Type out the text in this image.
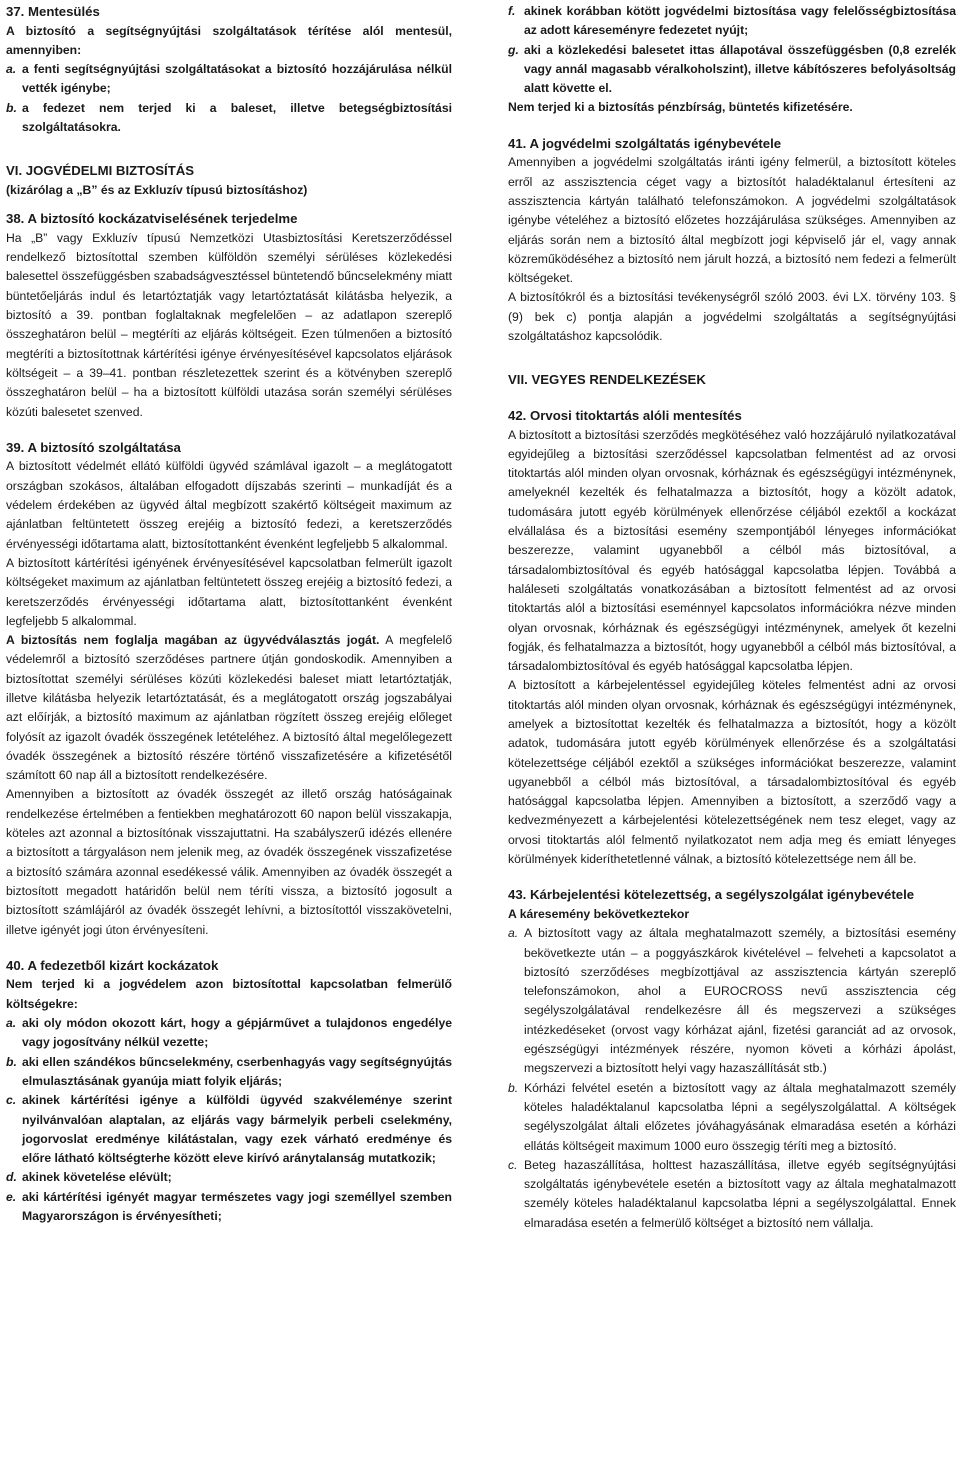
37. Mentesülés
A biztosító a segítségnyújtási szolgáltatások térítése alól mentesül, amennyiben:
a. a fenti segítségnyújtási szolgáltatásokat a biztosító hozzájárulása nélkül vették igénybe;
b. a fedezet nem terjed ki a baleset, illetve betegségbiztosítási szolgáltatásokra.
VI. JOGVÉDELMI BIZTOSÍTÁS
(kizárólag a „B” és az Exkluzív típusú biztosításhoz)
38. A biztosító kockázatviselésének terjedelme

Ha „B” vagy Exkluzív típusú Nemzetközi Utasbiztosítási Keretszerződéssel rendelkező biztosítottal szemben külföldön személyi sérüléses közlekedési balesettel összefüggésben szabadságvesztéssel büntetendő bűncselekmény miatt büntetőeljárás indul és letartóztatják vagy letartóztatását kilátásba helyezik, a biztosító a 39. pontban foglaltaknak megfelelően – az adatlapon szereplő összeghatáron belül – megtéríti az eljárás költségeit. Ezen túlmenően a biztosító megtéríti a biztosítottnak kártérítési igénye érvényesítésével kapcsolatos eljárások költségeit – a 39–41. pontban részletezettek szerint és a kötvényben szereplő összeghatáron belül – ha a biztosított külföldi utazása során személyi sérüléses közúti balesetet szenved.

39. A biztosító szolgáltatása

A biztosított védelmét ellátó külföldi ügyvéd számlával igazolt – a meglátogatott országban szokásos, általában elfogadott díjszabás szerinti – munkadíját és a védelem érdekében az ügyvéd által megbízott szakértő költségeit maximum az ajánlatban feltüntetett összeg erejéig a biztosító fedezi, a keretszerződés érvényességi időtartama alatt, biztosítottanként évenként legfeljebb 5 alkalommal.

A biztosított kártérítési igényének érvényesítésével kapcsolatban felmerült igazolt költségeket maximum az ajánlatban feltüntetett összeg erejéig a biztosító fedezi, a keretszerződés érvényességi időtartama alatt, biztosítottanként évenként legfeljebb 5 alkalommal.

A biztosítás nem foglalja magában az ügyvédválasztás jogát. A megfelelő védelemről a biztosító szerződéses partnere útján gondoskodik. Amennyiben a biztosítottat személyi sérüléses közúti közlekedési baleset miatt letartóztatják, illetve kilátásba helyezik letartóztatását, és a meglátogatott ország jogszabályai azt előírják, a biztosító maximum az ajánlatban rögzített összeg erejéig előleget folyósít az igazolt óvadék összegének letételéhez. A biztosító által megelőlegezett óvadék összegének a biztosító részére történő visszafizetésére a kifizetésétől számított 60 nap áll a biztosított rendelkezésére.

Amennyiben a biztosított az óvadék összegét az illető ország hatóságainak rendelkezése értelmében a fentiekben meghatározott 60 napon belül visszakapja, köteles azt azonnal a biztosítónak visszajuttatni. Ha szabályszerű idézés ellenére a biztosított a tárgyaláson nem jelenik meg, az óvadék összegének visszafizetése a biztosító számára azonnal esedékessé válik. Amennyiben az óvadék összegét a biztosított megadott határidőn belül nem téríti vissza, a biztosító jogosult a biztosított számlájáról az óvadék összegét lehívni, a biztosítottól visszakövetelni, illetve igényét jogi úton érvényesíteni.

40. A fedezetből kizárt kockázatok
Nem terjed ki a jogvédelem azon biztosítottal kapcsolatban felmerülő költségekre:
a. aki oly módon okozott kárt, hogy a gépjárművet a tulajdonos engedélye vagy jogosítvány nélkül vezette;
b. aki ellen szándékos bűncselekmény, cserbenhagyás vagy segítségnyújtás elmulasztásának gyanúja miatt folyik eljárás;
c. akinek kártérítési igénye a külföldi ügyvéd szakvéleménye szerint nyilvánvalóan alaptalan, az eljárás vagy bármelyik perbeli cselekmény, jogorvoslat eredménye kilátástalan, vagy ezek várható eredménye és előre látható költségterhe között eleve kirívó aránytalanság mutatkozik;
d. akinek követelése elévült;
e. aki kártérítési igényét magyar természetes vagy jogi személlyel szemben Magyarországon is érvényesítheti;
f. akinek korábban kötött jogvédelmi biztosítása vagy felelősségbiztosítása az adott káreseményre fedezetet nyújt;
g. aki a közlekedési balesetet ittas állapotával összefüggésben (0,8 ezrelék vagy annál magasabb véralkoholszint), illetve kábítószeres befolyásoltság alatt követte el.
Nem terjed ki a biztosítás pénzbírság, büntetés kifizetésére.
41. A jogvédelmi szolgáltatás igénybevétele

Amennyiben a jogvédelmi szolgáltatás iránti igény felmerül, a biztosított köteles erről az asszisztencia céget vagy a biztosítót haladéktalanul értesíteni az asszisztencia kártyán található telefonszámokon. A jogvédelmi szolgáltatások igénybe vételéhez a biztosító előzetes hozzájárulása szükséges. Amennyiben az eljárás során nem a biztosító által megbízott jogi képviselő jár el, vagy annak közreműködéséhez a biztosító nem járult hozzá, a biztosító nem fedezi a felmerült költségeket.

A biztosítókról és a biztosítási tevékenységről szóló 2003. évi LX. törvény 103. § (9) bek c) pontja alapján a jogvédelmi szolgáltatás a segítségnyújtási szolgáltatáshoz kapcsolódik.

VII. VEGYES RENDELKEZÉSEK
42. Orvosi titoktartás alóli mentesítés

A biztosított a biztosítási szerződés megkötéséhez való hozzájáruló nyilatkozatával egyidejűleg a biztosítási szerződéssel kapcsolatban felmentést ad az orvosi titoktartás alól minden olyan orvosnak, kórháznak és egészségügyi intézménynek, amelyeknél kezelték és felhatalmazza a biztosítót, hogy a közölt adatok, tudomására jutott egyéb körülmények ellenőrzése céljából ezektől a kockázat elvállalása és a biztosítási esemény szempontjából lényeges információkat beszerezze, valamint ugyanebből a célból más biztosítóval, a társadalombiztosítóval és egyéb hatósággal kapcsolatba lépjen. Továbbá a haláleseti szolgáltatás vonatkozásában a biztosított felmentést ad az orvosi titoktartás alól a biztosítási eseménnyel kapcsolatos információkra nézve minden olyan orvosnak, kórháznak és egészségügyi intézménynek, amelyek őt kezelni fogják, és felhatalmazza a biztosítót, hogy ugyanebből a célból más biztosítóval, a társadalombiztosítóval és egyéb hatósággal kapcsolatba lépjen.

A biztosított a kárbejelentéssel egyidejűleg köteles felmentést adni az orvosi titoktartás alól minden olyan orvosnak, kórháznak és egészségügyi intézménynek, amelyek a biztosítottat kezelték és felhatalmazza a biztosítót, hogy a közölt adatok, tudomására jutott egyéb körülmények ellenőrzése és a szolgáltatási kötelezettsége céljából ezektől a szükséges információkat beszerezze, valamint ugyanebből a célból más biztosítóval, a társadalombiztosítóval és egyéb hatósággal kapcsolatba lépjen. Amennyiben a biztosított, a szerződő vagy a kedvezményezett a kárbejelentési kötelezettségének nem tesz eleget, vagy az orvosi titoktartás alól felmentő nyilatkozatot nem adja meg és emiatt lényeges körülmények kideríthetetlenné válnak, a biztosító kötelezettsége nem áll be.

43. Kárbejelentési kötelezettség, a segélyszolgálat igénybevétele
A káresemény bekövetkeztekor
a. A biztosított vagy az általa meghatalmazott személy, a biztosítási esemény bekövetkezte után – a poggyászkárok kivételével – felveheti a kapcsolatot a biztosító szerződéses megbízottjával az asszisztencia kártyán szereplő telefonszámokon, ahol a EUROCROSS nevű asszisztencia cég segélyszolgálatával rendelkezésre áll és megszervezi a szükséges intézkedéseket (orvost vagy kórházat ajánl, fizetési garanciát ad az orvosok, egészségügyi intézmények részére, nyomon követi a kórházi ápolást, megszervezi a biztosított helyi vagy hazaszállítását stb.)
b. Kórházi felvétel esetén a biztosított vagy az általa meghatalmazott személy köteles haladéktalanul kapcsolatba lépni a segélyszolgálattal. A költségek segélyszolgálat általi előzetes jóváhagyásának elmaradása esetén a kórházi ellátás költségeit maximum 1000 euro összegig téríti meg a biztosító.
c. Beteg hazaszállítása, holttest hazaszállítása, illetve egyéb segítségnyújtási szolgáltatás igénybevétele esetén a biztosított vagy az általa meghatalmazott személy köteles haladéktalanul kapcsolatba lépni a segélyszolgálattal. Ennek elmaradása esetén a felmerülő költséget a biztosító nem vállalja.
